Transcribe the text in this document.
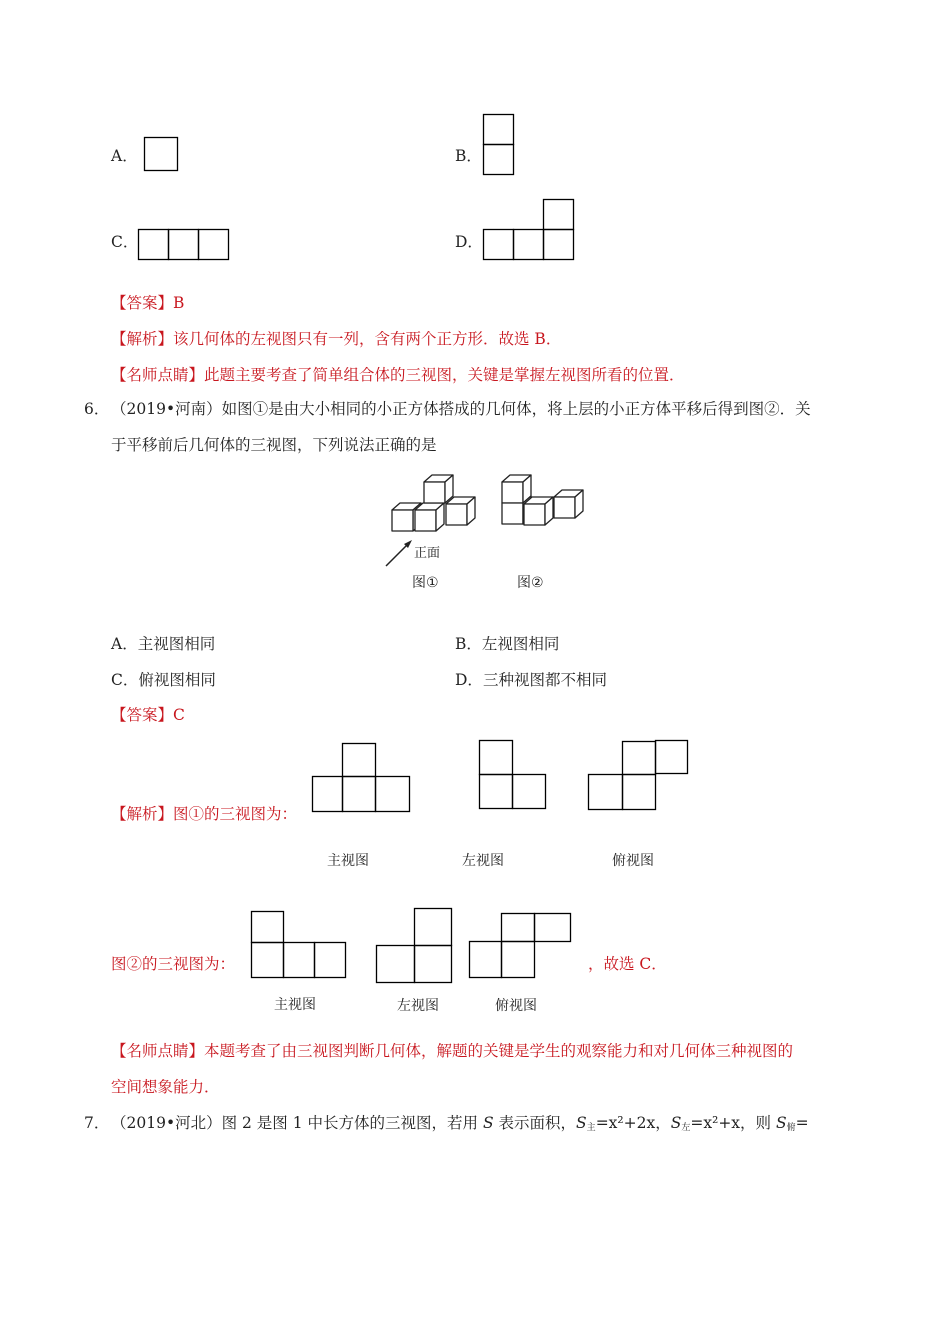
A．	B．
C．	D．
【答案】B
【解析】该几何体的左视图只有一列，含有两个正方形．故选 B．
【名师点睛】此题主要考查了简单组合体的三视图，关键是掌握左视图所看的位置．
6． （2019•河南）如图①是由大小相同的小正方体搭成的几何体，将上层的小正方体平移后得到图②．关
于平移前后几何体的三视图，下列说法正确的是
正面
图①	图②
A．主视图相同	B．左视图相同
C．俯视图相同	D．三种视图都不相同
【答案】C
【解析】图①的三视图为：
主视图	左视图	俯视图
图②的三视图为：
主视图	左视图	俯视图
，故选 C．
【名师点睛】本题考查了由三视图判断几何体，解题的关键是学生的观察能力和对几何体三种视图的
空间想象能力．
7． （2019•河北）图 2 是图 1 中长方体的三视图，若用 S 表示面积，$S_主=x^2+2x$，$S_左=x^2+x$，则 $S_俯=$
